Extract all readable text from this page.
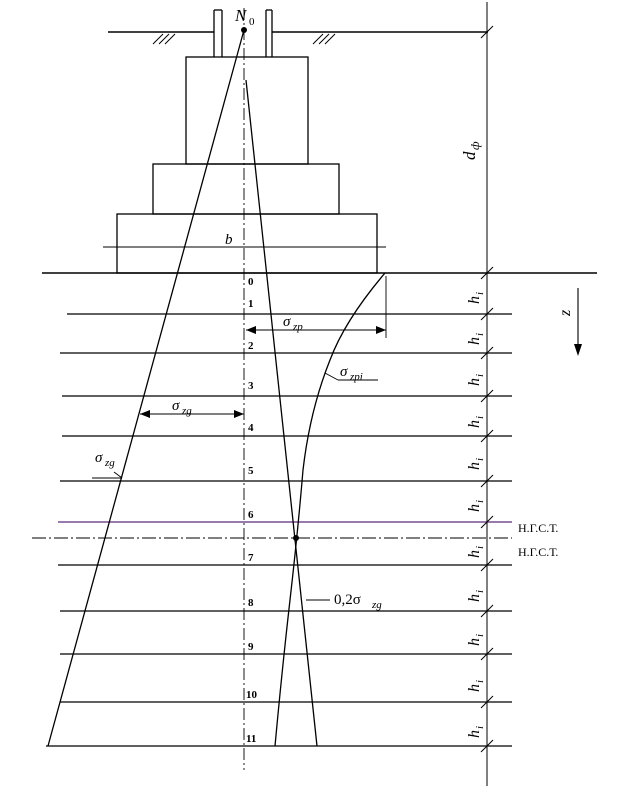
b
d
ф
h
i
h
i
h
i
h
i
h
i
h
i
h
i
h
i
h
i
h
i
h
i
z
N 0
σ zp
σ zpi
σ zg
σ zg
0,2σ zg
Н.Г.С.Т.
Н.Г.С.Т.
0
1
2
3
4
5
6
7
8
9
10
11
